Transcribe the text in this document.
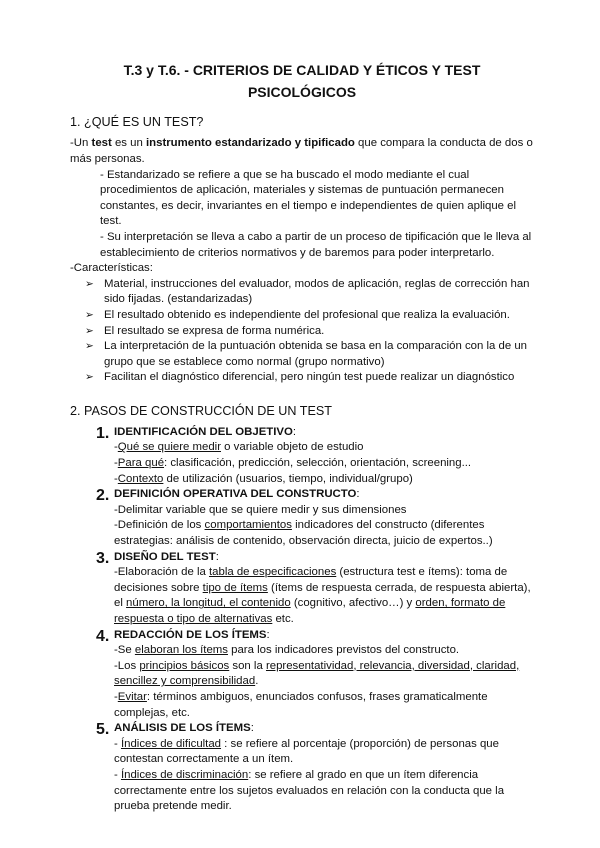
T.3 y T.6. - CRITERIOS DE CALIDAD Y ÉTICOS Y TEST
PSICOLÓGICOS
1. ¿QUÉ ES UN TEST?
-Un test es un instrumento estandarizado y tipificado que compara la conducta de dos o más personas.
- Estandarizado se refiere a que se ha buscado el modo mediante el cual procedimientos de aplicación, materiales y sistemas de puntuación permanecen constantes, es decir, invariantes en el tiempo e independientes de quien aplique el test.
- Su interpretación se lleva a cabo a partir de un proceso de tipificación que le lleva al establecimiento de criterios normativos y de baremos para poder interpretarlo.
-Características:
➢ Material, instrucciones del evaluador, modos de aplicación, reglas de corrección han sido fijadas. (estandarizadas)
➢ El resultado obtenido es independiente del profesional que realiza la evaluación.
➢ El resultado se expresa de forma numérica.
➢ La interpretación de la puntuación obtenida se basa en la comparación con la de un grupo que se establece como normal (grupo normativo)
➢ Facilitan el diagnóstico diferencial, pero ningún test puede realizar un diagnóstico
2. PASOS DE CONSTRUCCIÓN DE UN TEST
1. IDENTIFICACIÓN DEL OBJETIVO:
-Qué se quiere medir o variable objeto de estudio
-Para qué: clasificación, predicción, selección, orientación, screening...
-Contexto de utilización (usuarios, tiempo, individual/grupo)
2. DEFINICIÓN OPERATIVA DEL CONSTRUCTO:
-Delimitar variable que se quiere medir y sus dimensiones
-Definición de los comportamientos indicadores del constructo (diferentes estrategias: análisis de contenido, observación directa, juicio de expertos..)
3. DISEÑO DEL TEST:
-Elaboración de la tabla de especificaciones (estructura test e ítems): toma de decisiones sobre tipo de ítems (ítems de respuesta cerrada, de respuesta abierta), el número, la longitud, el contenido (cognitivo, afectivo…) y orden, formato de respuesta o tipo de alternativas etc.
4. REDACCIÓN DE LOS ÍTEMS:
-Se elaboran los ítems para los indicadores previstos del constructo.
-Los principios básicos son la representatividad, relevancia, diversidad, claridad, sencillez y comprensibilidad.
-Evitar: términos ambiguos, enunciados confusos, frases gramaticalmente complejas, etc.
5. ANÁLISIS DE LOS ÍTEMS:
- Índices de dificultad : se refiere al porcentaje (proporción) de personas que contestan correctamente a un ítem.
- Índices de discriminación: se refiere al grado en que un ítem diferencia correctamente entre los sujetos evaluados en relación con la conducta que la prueba pretende medir.
